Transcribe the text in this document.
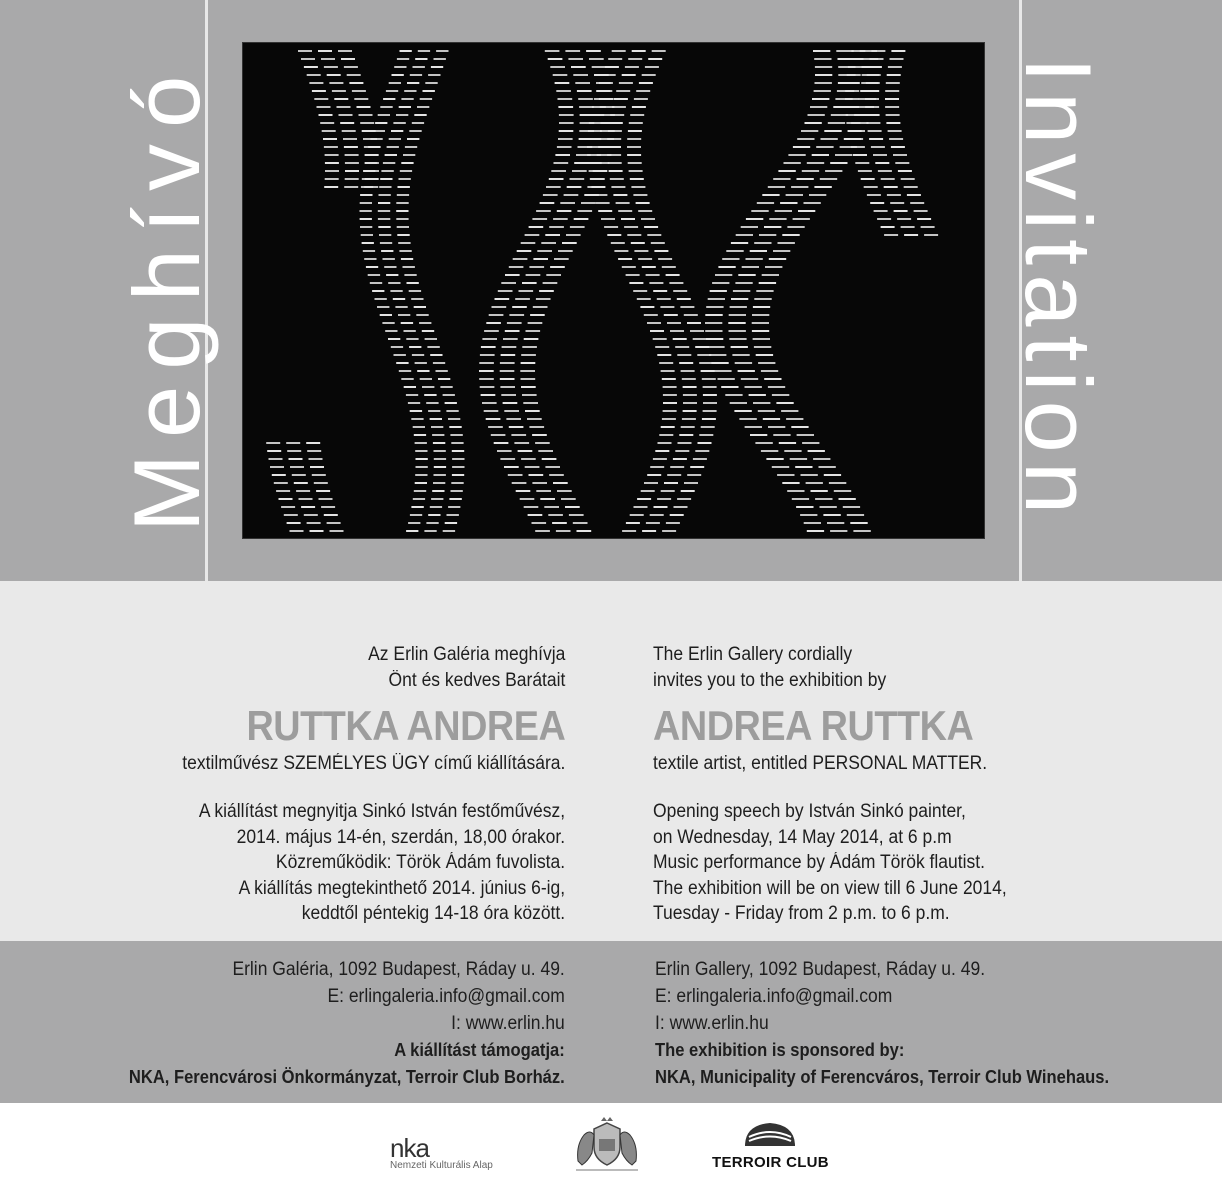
Meghívó	Invitation
Az Erlin Galéria meghívja
Önt és kedves Barátait
RUTTKA ANDREA
textilművész SZEMÉLYES ÜGY című kiállítására.
A kiállítást megnyitja Sinkó István festőművész,
2014. május 14-én, szerdán, 18,00 órakor.
Közreműködik: Török Ádám fuvolista.
A kiállítás megtekinthető 2014. június 6-ig,
keddtől péntekig 14-18 óra között.
The Erlin Gallery cordially
invites you to the exhibition by
ANDREA RUTTKA
textile artist, entitled PERSONAL MATTER.
Opening speech by István Sinkó painter,
on Wednesday, 14 May 2014, at 6 p.m
Music performance by Ádám Török flautist.
The exhibition will be on view till 6 June 2014,
Tuesday - Friday from 2 p.m. to 6 p.m.
Erlin Galéria, 1092 Budapest, Ráday u. 49.
E: erlingaleria.info@gmail.com
I: www.erlin.hu
A kiállítást támogatja:
NKA, Ferencvárosi Önkormányzat, Terroir Club Borház.
Erlin Gallery, 1092 Budapest, Ráday u. 49.
E: erlingaleria.info@gmail.com
I: www.erlin.hu
The exhibition is sponsored by:
NKA, Municipality of Ferencváros, Terroir Club Winehaus.
nka
Nemzeti Kulturális Alap	TERROIR CLUB
